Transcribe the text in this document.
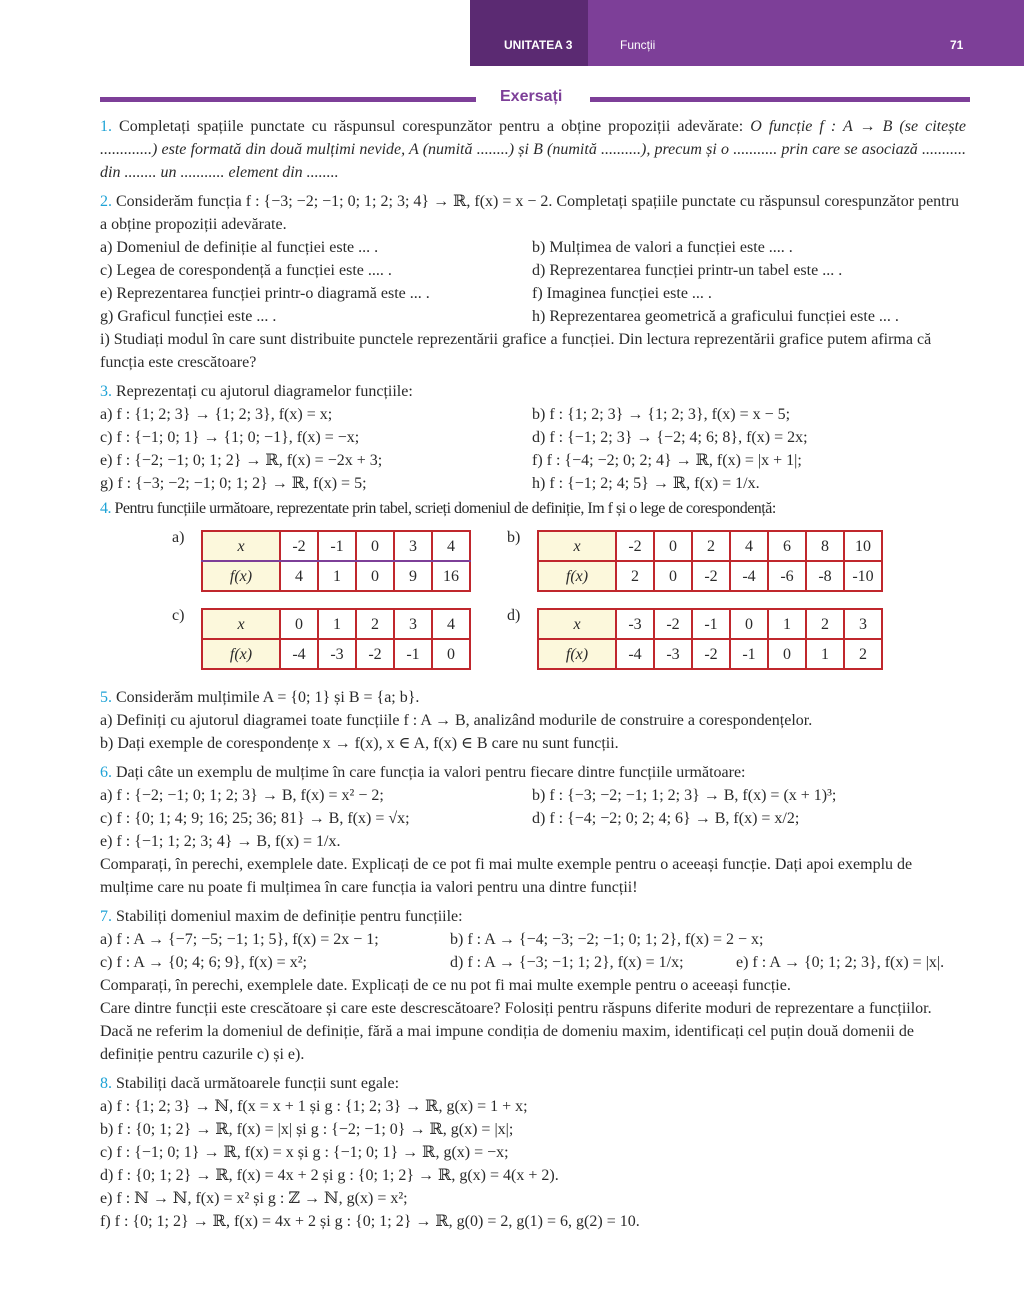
UNITATEA 3	Funcții	71
Exersați

1. Completați spațiile punctate cu răspunsul corespunzător pentru a obține propoziții adevărate: O funcție f : A → B (se citește .............) este formată din două mulțimi nevide, A (numită ........) și B (numită ..........), precum și o ........... prin care se asociază ........... din ........ un ........... element din ........

2. Considerăm funcția f : {−3; −2; −1; 0; 1; 2; 3; 4} → ℝ, f(x) = x − 2. Completați spațiile punctate cu răspunsul corespunzător pentru a obține propoziții adevărate.

a) Domeniul de definiție al funcției este ... .	b) Mulțimea de valori a funcției este .... .
c) Legea de corespondență a funcției este .... .	d) Reprezentarea funcției printr-un tabel este ... .
e) Reprezentarea funcției printr-o diagramă este ... .	f) Imaginea funcției este ... .
g) Graficul funcției este ... .	h) Reprezentarea geometrică a graficului funcției este ... .

i) Studiați modul în care sunt distribuite punctele reprezentării grafice a funcției. Din lectura reprezentării grafice putem afirma că funcția este crescătoare?

3. Reprezentați cu ajutorul diagramelor funcțiile:

a) f : {1; 2; 3} → {1; 2; 3}, f(x) = x;	b) f : {1; 2; 3} → {1; 2; 3}, f(x) = x − 5;
c) f : {−1; 0; 1} → {1; 0; −1}, f(x) = −x;	d) f : {−1; 2; 3} → {−2; 4; 6; 8}, f(x) = 2x;
e) f : {−2; −1; 0; 1; 2} → ℝ, f(x) = −2x + 3;	f) f : {−4; −2; 0; 2; 4} → ℝ, f(x) = |x + 1|;
g) f : {−3; −2; −1; 0; 1; 2} → ℝ, f(x) = 5;	h) f : {−1; 2; 4; 5} → ℝ, f(x) = 1/x.

4. Pentru funcțiile următoare, reprezentate prin tabel, scrieți domeniul de definiție, Im f și o lege de corespondență:

a)	x	-2	-1	0	3	4
f(x)	4	1	0	9	16
b)	x	-2	0	2	4	6	8	10
f(x)	2	0	-2	-4	-6	-8	-10
c)	x	0	1	2	3	4
f(x)	-4	-3	-2	-1	0
d)	x	-3	-2	-1	0	1	2	3
f(x)	-4	-3	-2	-1	0	1	2

5. Considerăm mulțimile A = {0; 1} și B = {a; b}.

a) Definiți cu ajutorul diagramei toate funcțiile f : A → B, analizând modurile de construire a corespondențelor.

b) Dați exemple de corespondențe x → f(x), x ∈ A, f(x) ∈ B care nu sunt funcții.

6. Dați câte un exemplu de mulțime în care funcția ia valori pentru fiecare dintre funcțiile următoare:

a) f : {−2; −1; 0; 1; 2; 3} → B, f(x) = x² − 2;	b) f : {−3; −2; −1; 1; 2; 3} → B, f(x) = (x + 1)³;
c) f : {0; 1; 4; 9; 16; 25; 36; 81} → B, f(x) = √x;	d) f : {−4; −2; 0; 2; 4; 6} → B, f(x) = x/2;

e) f : {−1; 1; 2; 3; 4} → B, f(x) = 1/x.

Comparați, în perechi, exemplele date. Explicați de ce pot fi mai multe exemple pentru o aceeași funcție. Dați apoi exemplu de mulțime care nu poate fi mulțimea în care funcția ia valori pentru una dintre funcții!

7. Stabiliți domeniul maxim de definiție pentru funcțiile:

a) f : A → {−7; −5; −1; 1; 5}, f(x) = 2x − 1;	b) f : A → {−4; −3; −2; −1; 0; 1; 2}, f(x) = 2 − x;
c) f : A → {0; 4; 6; 9}, f(x) = x²;	d) f : A → {−3; −1; 1; 2}, f(x) = 1/x;	e) f : A → {0; 1; 2; 3}, f(x) = |x|.

Comparați, în perechi, exemplele date. Explicați de ce nu pot fi mai multe exemple pentru o aceeași funcție.

Care dintre funcții este crescătoare și care este descrescătoare? Folosiți pentru răspuns diferite moduri de reprezentare a funcțiilor.

Dacă ne referim la domeniul de definiție, fără a mai impune condiția de domeniu maxim, identificați cel puțin două domenii de definiție pentru cazurile c) și e).

8. Stabiliți dacă următoarele funcții sunt egale:

a) f : {1; 2; 3} → ℕ, f(x = x + 1 și g : {1; 2; 3} → ℝ, g(x) = 1 + x;

b) f : {0; 1; 2} → ℝ, f(x) = |x| și g : {−2; −1; 0} → ℝ, g(x) = |x|;

c) f : {−1; 0; 1} → ℝ, f(x) = x și g : {−1; 0; 1} → ℝ, g(x) = −x;

d) f : {0; 1; 2} → ℝ, f(x) = 4x + 2 și g : {0; 1; 2} → ℝ, g(x) = 4(x + 2).

e) f : ℕ → ℕ, f(x) = x² și g : ℤ → ℕ, g(x) = x²;

f) f : {0; 1; 2} → ℝ, f(x) = 4x + 2 și g : {0; 1; 2} → ℝ, g(0) = 2, g(1) = 6, g(2) = 10.
